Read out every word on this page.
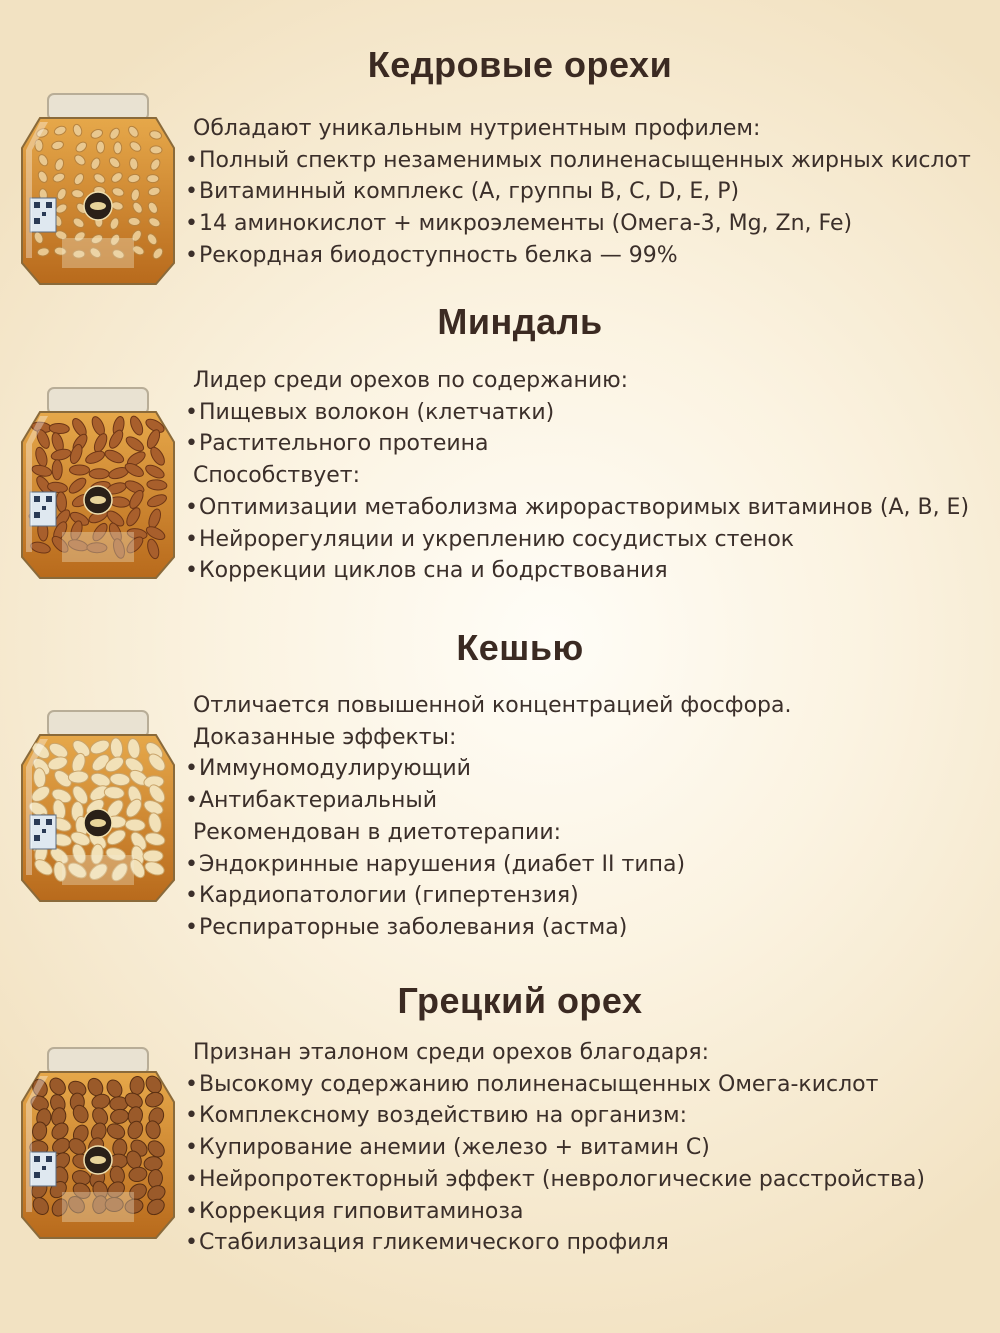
Кедровые орехи
Обладают уникальным нутриентным профилем:
• Полный спектр незаменимых полиненасыщенных жирных кислот
• Витаминный комплекс (A, группы B, C, D, E, P)
• 14 аминокислот + микроэлементы (Омега-3, Mg, Zn, Fe)
• Рекордная биодоступность белка — 99%
Миндаль
Лидер среди орехов по содержанию:
• Пищевых волокон (клетчатки)
• Растительного протеина
Способствует:
• Оптимизации метаболизма жирорастворимых витаминов (A, B, E)
• Нейрорегуляции и укреплению сосудистых стенок
• Коррекции циклов сна и бодрствования
Кешью
Отличается повышенной концентрацией фосфора.
Доказанные эффекты:
• Иммуномодулирующий
• Антибактериальный
Рекомендован в диетотерапии:
• Эндокринные нарушения (диабет II типа)
• Кардиопатологии (гипертензия)
• Респираторные заболевания (астма)
Грецкий орех
Признан эталоном среди орехов благодаря:
• Высокому содержанию полиненасыщенных Омега-кислот
• Комплексному воздействию на организм:
• Купирование анемии (железо + витамин C)
• Нейропротекторный эффект (неврологические расстройства)
• Коррекция гиповитаминоза
• Стабилизация гликемического профиля
